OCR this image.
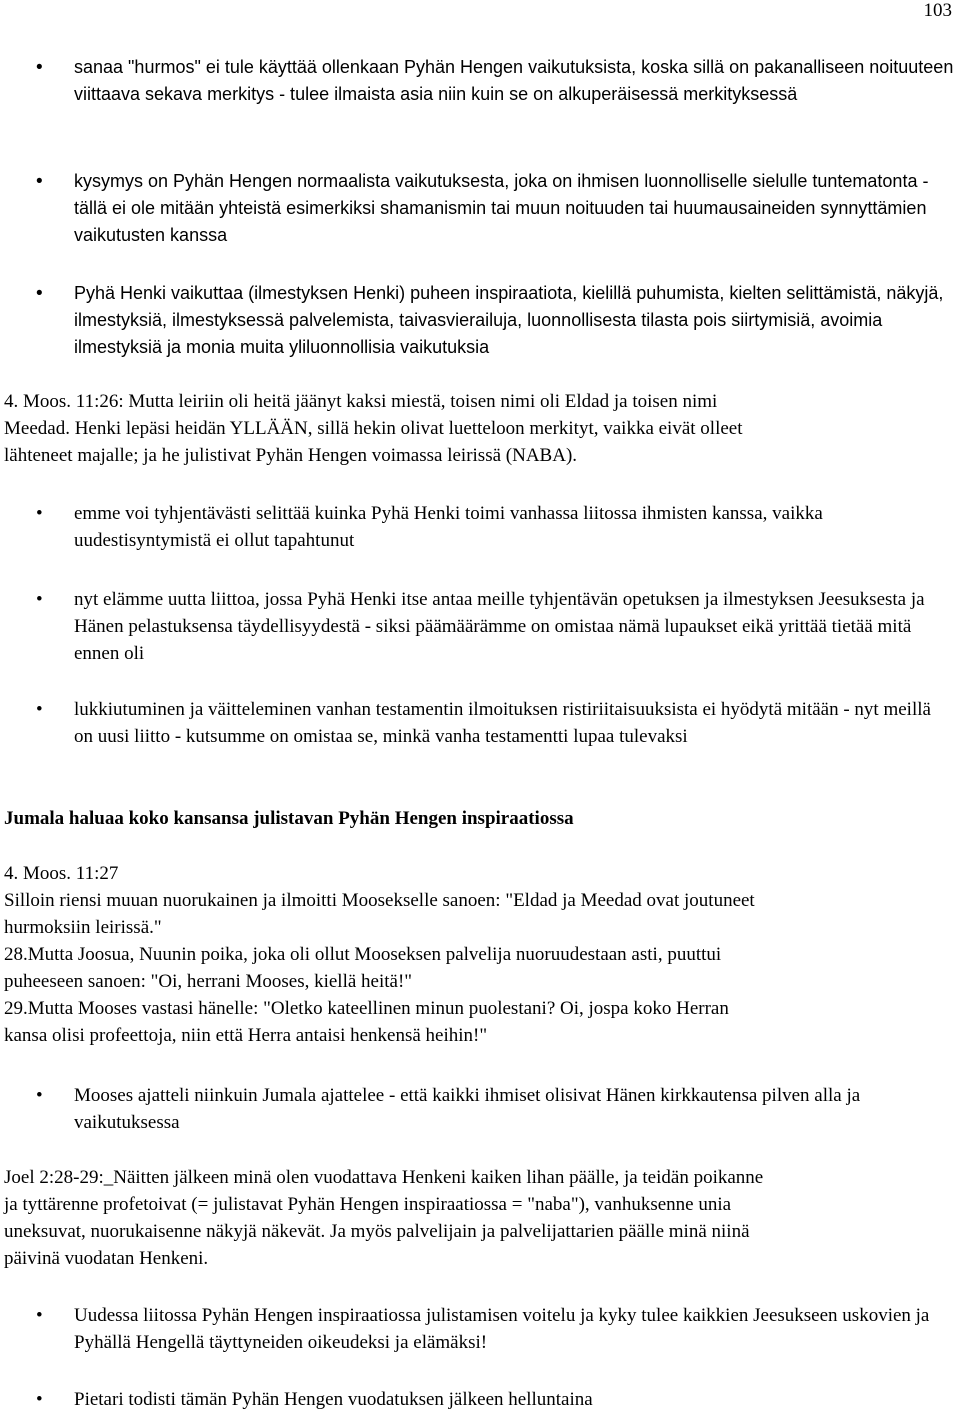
103
• sanaa "hurmos" ei tule käyttää ollenkaan Pyhän Hengen vaikutuksista, koska sillä on pakanalliseen noituuteen viittaava sekava merkitys - tulee ilmaista asia niin kuin se on alkuperäisessä merkityksessä
• kysymys on Pyhän Hengen normaalista vaikutuksesta, joka on ihmisen luonnolliselle sielulle tuntematonta - tällä ei ole mitään yhteistä esimerkiksi shamanismin tai muun noituuden tai huumausaineiden synnyttämien vaikutusten kanssa
• Pyhä Henki vaikuttaa (ilmestyksen Henki) puheen inspiraatiota, kielillä puhumista, kielten selittämistä, näkyjä, ilmestyksiä, ilmestyksessä palvelemista, taivasvierailuja, luonnollisesta tilasta pois siirtymisiä, avoimia ilmestyksiä ja monia muita yliluonnollisia vaikutuksia
4. Moos. 11:26: Mutta leiriin oli heitä jäänyt kaksi miestä, toisen nimi oli Eldad ja toisen nimi
Meedad. Henki lepäsi heidän YLLÄÄN, sillä hekin olivat luetteloon merkityt, vaikka eivät olleet
lähteneet majalle; ja he julistivat Pyhän Hengen voimassa leirissä (NABA).
• emme voi tyhjentävästi selittää kuinka Pyhä Henki toimi vanhassa liitossa ihmisten kanssa, vaikka uudestisyntymistä ei ollut tapahtunut
• nyt elämme uutta liittoa, jossa Pyhä Henki itse antaa meille tyhjentävän opetuksen ja ilmestyksen Jeesuksesta ja Hänen pelastuksensa täydellisyydestä - siksi päämäärämme on omistaa nämä lupaukset eikä yrittää tietää mitä ennen oli
• lukkiutuminen ja väitteleminen vanhan testamentin ilmoituksen ristiriitaisuuksista ei hyödytä mitään - nyt meillä on uusi liitto - kutsumme on omistaa se, minkä vanha testamentti lupaa tulevaksi
Jumala haluaa koko kansansa julistavan Pyhän Hengen inspiraatiossa
4. Moos. 11:27
Silloin riensi muuan nuorukainen ja ilmoitti Moosekselle sanoen: "Eldad ja Meedad ovat joutuneet
hurmoksiin leirissä."
28.Mutta Joosua, Nuunin poika, joka oli ollut Mooseksen palvelija nuoruudestaan asti, puuttui
puheeseen sanoen: "Oi, herrani Mooses, kiellä heitä!"
29.Mutta Mooses vastasi hänelle: "Oletko kateellinen minun puolestani? Oi, jospa koko Herran
kansa olisi profeettoja, niin että Herra antaisi henkensä heihin!"
• Mooses ajatteli niinkuin Jumala ajattelee - että kaikki ihmiset olisivat Hänen kirkkautensa pilven alla ja vaikutuksessa
Joel 2:28-29:_Näitten jälkeen minä olen vuodattava Henkeni kaiken lihan päälle, ja teidän poikanne
ja tyttärenne profetoivat (= julistavat Pyhän Hengen inspiraatiossa = "naba"), vanhuksenne unia
uneksuvat, nuorukaisenne näkyjä näkevät. Ja myös palvelijain ja palvelijattarien päälle minä niinä
päivinä vuodatan Henkeni.
• Uudessa liitossa Pyhän Hengen inspiraatiossa julistamisen voitelu ja kyky tulee kaikkien Jeesukseen uskovien ja Pyhällä Hengellä täyttyneiden oikeudeksi ja elämäksi!
• Pietari todisti tämän Pyhän Hengen vuodatuksen jälkeen helluntaina
